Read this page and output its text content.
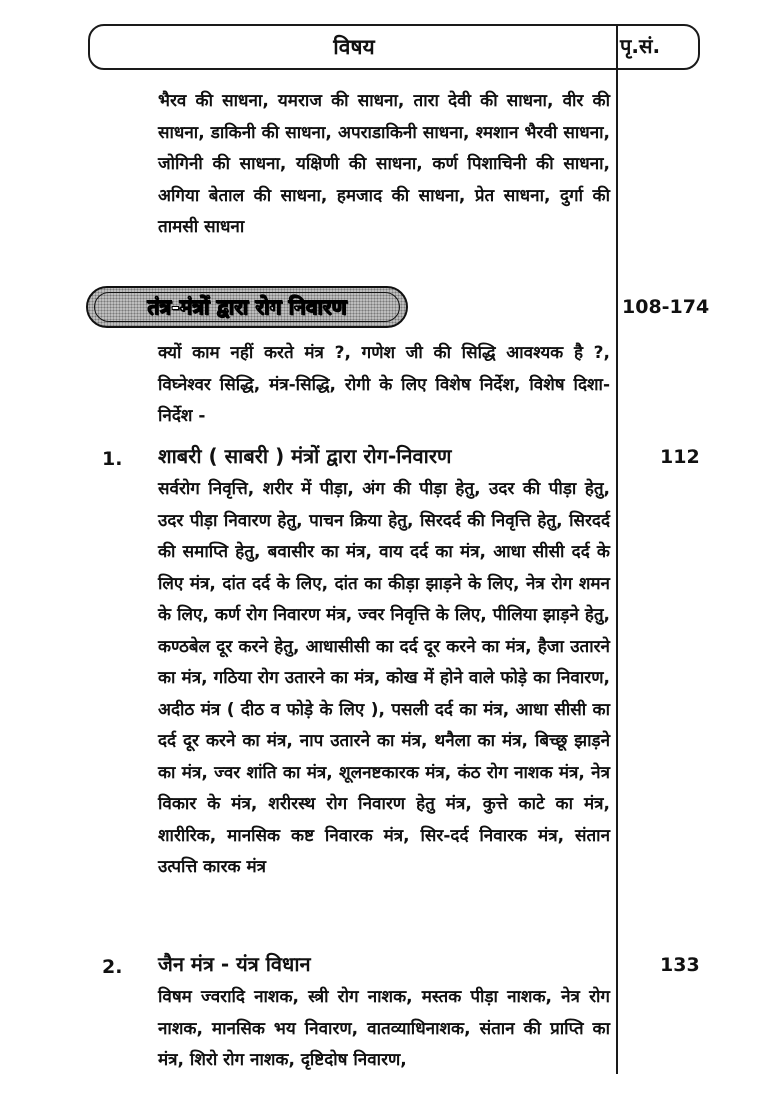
विषय	पृ.सं.
भैरव की साधना, यमराज की साधना, तारा देवी की साधना, वीर की साधना, डाकिनी की साधना, अपराडाकिनी साधना, श्मशान भैरवी साधना, जोगिनी की साधना, यक्षिणी की साधना, कर्ण पिशाचिनी की साधना, अगिया बेताल की साधना, हमजाद की साधना, प्रेत साधना, दुर्गा की तामसी साधना
तंत्र-मंत्रों द्वारा रोग निवारण	108-174
क्यों काम नहीं करते मंत्र ?, गणेश जी की सिद्धि आवश्यक है ?, विघ्नेश्वर सिद्धि, मंत्र-सिद्धि, रोगी के लिए विशेष निर्देश, विशेष दिशा-निर्देश -
1. शाबरी ( साबरी ) मंत्रों द्वारा रोग-निवारण	112
सर्वरोग निवृत्ति, शरीर में पीड़ा, अंग की पीड़ा हेतु, उदर की पीड़ा हेतु, उदर पीड़ा निवारण हेतु, पाचन क्रिया हेतु, सिरदर्द की निवृत्ति हेतु, सिरदर्द की समाप्ति हेतु, बवासीर का मंत्र, वाय दर्द का मंत्र, आधा सीसी दर्द के लिए मंत्र, दांत दर्द के लिए, दांत का कीड़ा झाड़ने के लिए, नेत्र रोग शमन के लिए, कर्ण रोग निवारण मंत्र, ज्वर निवृत्ति के लिए, पीलिया झाड़ने हेतु, कण्ठबेल दूर करने हेतु, आधासीसी का दर्द दूर करने का मंत्र, हैजा उतारने का मंत्र, गठिया रोग उतारने का मंत्र, कोख में होने वाले फोड़े का निवारण, अदीठ मंत्र ( दीठ व फोड़े के लिए ), पसली दर्द का मंत्र, आधा सीसी का दर्द दूर करने का मंत्र, नाप उतारने का मंत्र, थनैला का मंत्र, बिच्छू झाड़ने का मंत्र, ज्वर शांति का मंत्र, शूलनष्टकारक मंत्र, कंठ रोग नाशक मंत्र, नेत्र विकार के मंत्र, शरीरस्थ रोग निवारण हेतु मंत्र, कुत्ते काटे का मंत्र, शारीरिक, मानसिक कष्ट निवारक मंत्र, सिर-दर्द निवारक मंत्र, संतान उत्पत्ति कारक मंत्र
2. जैन मंत्र - यंत्र विधान	133
विषम ज्वरादि नाशक, स्त्री रोग नाशक, मस्तक पीड़ा नाशक, नेत्र रोग नाशक, मानसिक भय निवारण, वातव्याधिनाशक, संतान की प्राप्ति का मंत्र, शिरो रोग नाशक, दृष्टिदोष निवारण,
